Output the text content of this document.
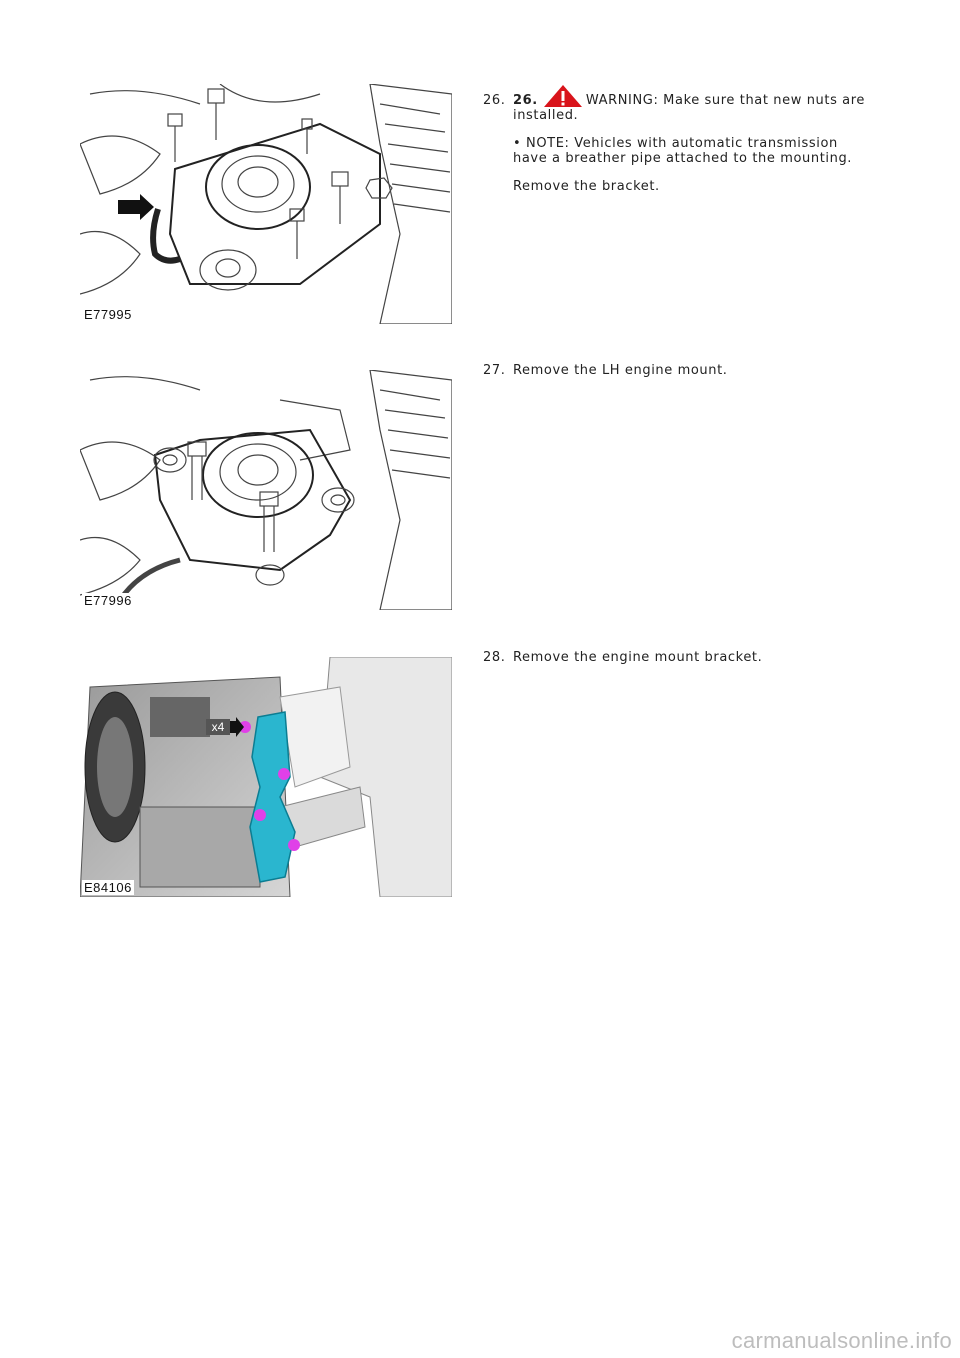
E77995
26. 26.	WARNING: Make sure that new nuts are installed.

• NOTE: Vehicles with automatic transmission have a breather pipe attached to the mounting.

Remove the bracket.

E77996
27. Remove the LH engine mount.

x4
E84106
28. Remove the engine mount bracket.

carmanualsonline.info
